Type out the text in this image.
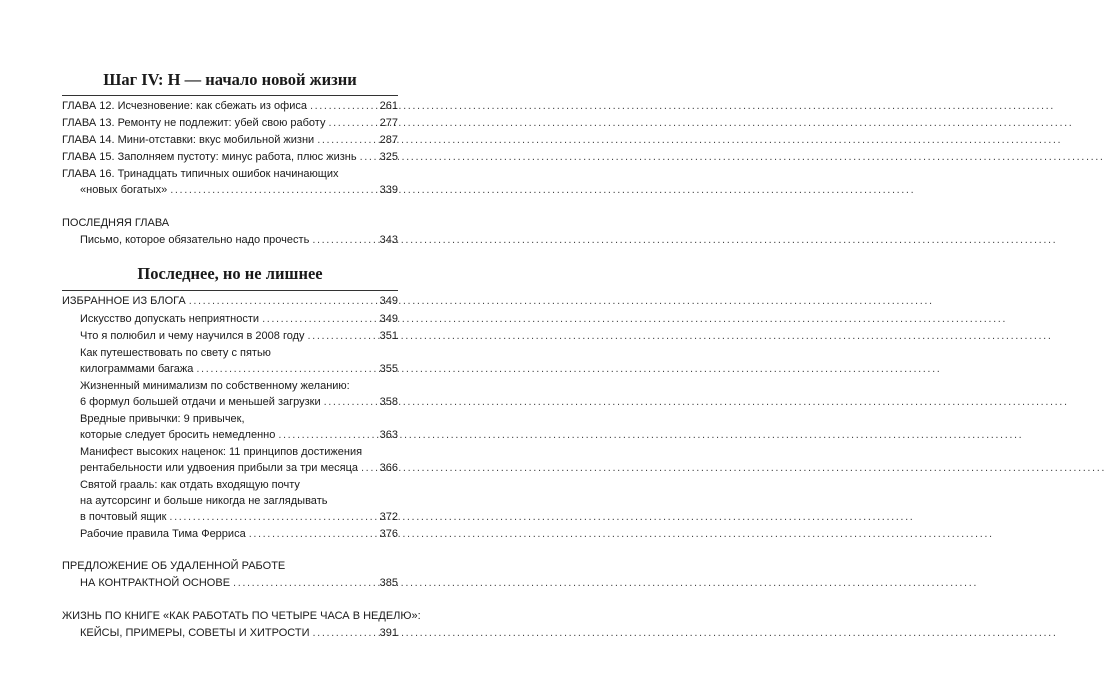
Шаг IV: Н — начало новой жизни
ГЛАВА 12. Исчезновение: как сбежать из офиса .....	261
ГЛАВА 13. Ремонту не подлежит: убей свою работу .....	277
ГЛАВА 14. Мини-отставки: вкус мобильной жизни .....	287
ГЛАВА 15. Заполняем пустоту: минус работа, плюс жизнь ..... 325
ГЛАВА 16. Тринадцать типичных ошибок начинающих
«новых богатых» .....	339
ПОСЛЕДНЯЯ ГЛАВА
Письмо, которое обязательно надо прочесть .....	343
Последнее, но не лишнее
ИЗБРАННОЕ ИЗ БЛОГА .....	349
Искусство допускать неприятности .....	349
Что я полюбил и чему научился в 2008 году .....	351
Как путешествовать по свету с пятью
килограммами багажа .....	355
Жизненный минимализм по собственному желанию:
6 формул большей отдачи и меньшей загрузки .....	358
Вредные привычки: 9 привычек,
которые следует бросить немедленно .....	363
Манифест высоких наценок: 11 принципов достижения
рентабельности или удвоения прибыли за три месяца ..... 366
Святой грааль: как отдать входящую почту
на аутсорсинг и больше никогда не заглядывать
в почтовый ящик .....	372
Рабочие правила Тима Ферриса .....	376
ПРЕДЛОЖЕНИЕ ОБ УДАЛЕННОЙ РАБОТЕ
НА КОНТРАКТНОЙ ОСНОВЕ .....	385
ЖИЗНЬ ПО КНИГЕ «КАК РАБОТАТЬ ПО ЧЕТЫРЕ ЧАСА В НЕДЕЛЮ»:
КЕЙСЫ, ПРИМЕРЫ, СОВЕТЫ И ХИТРОСТИ .....	391
